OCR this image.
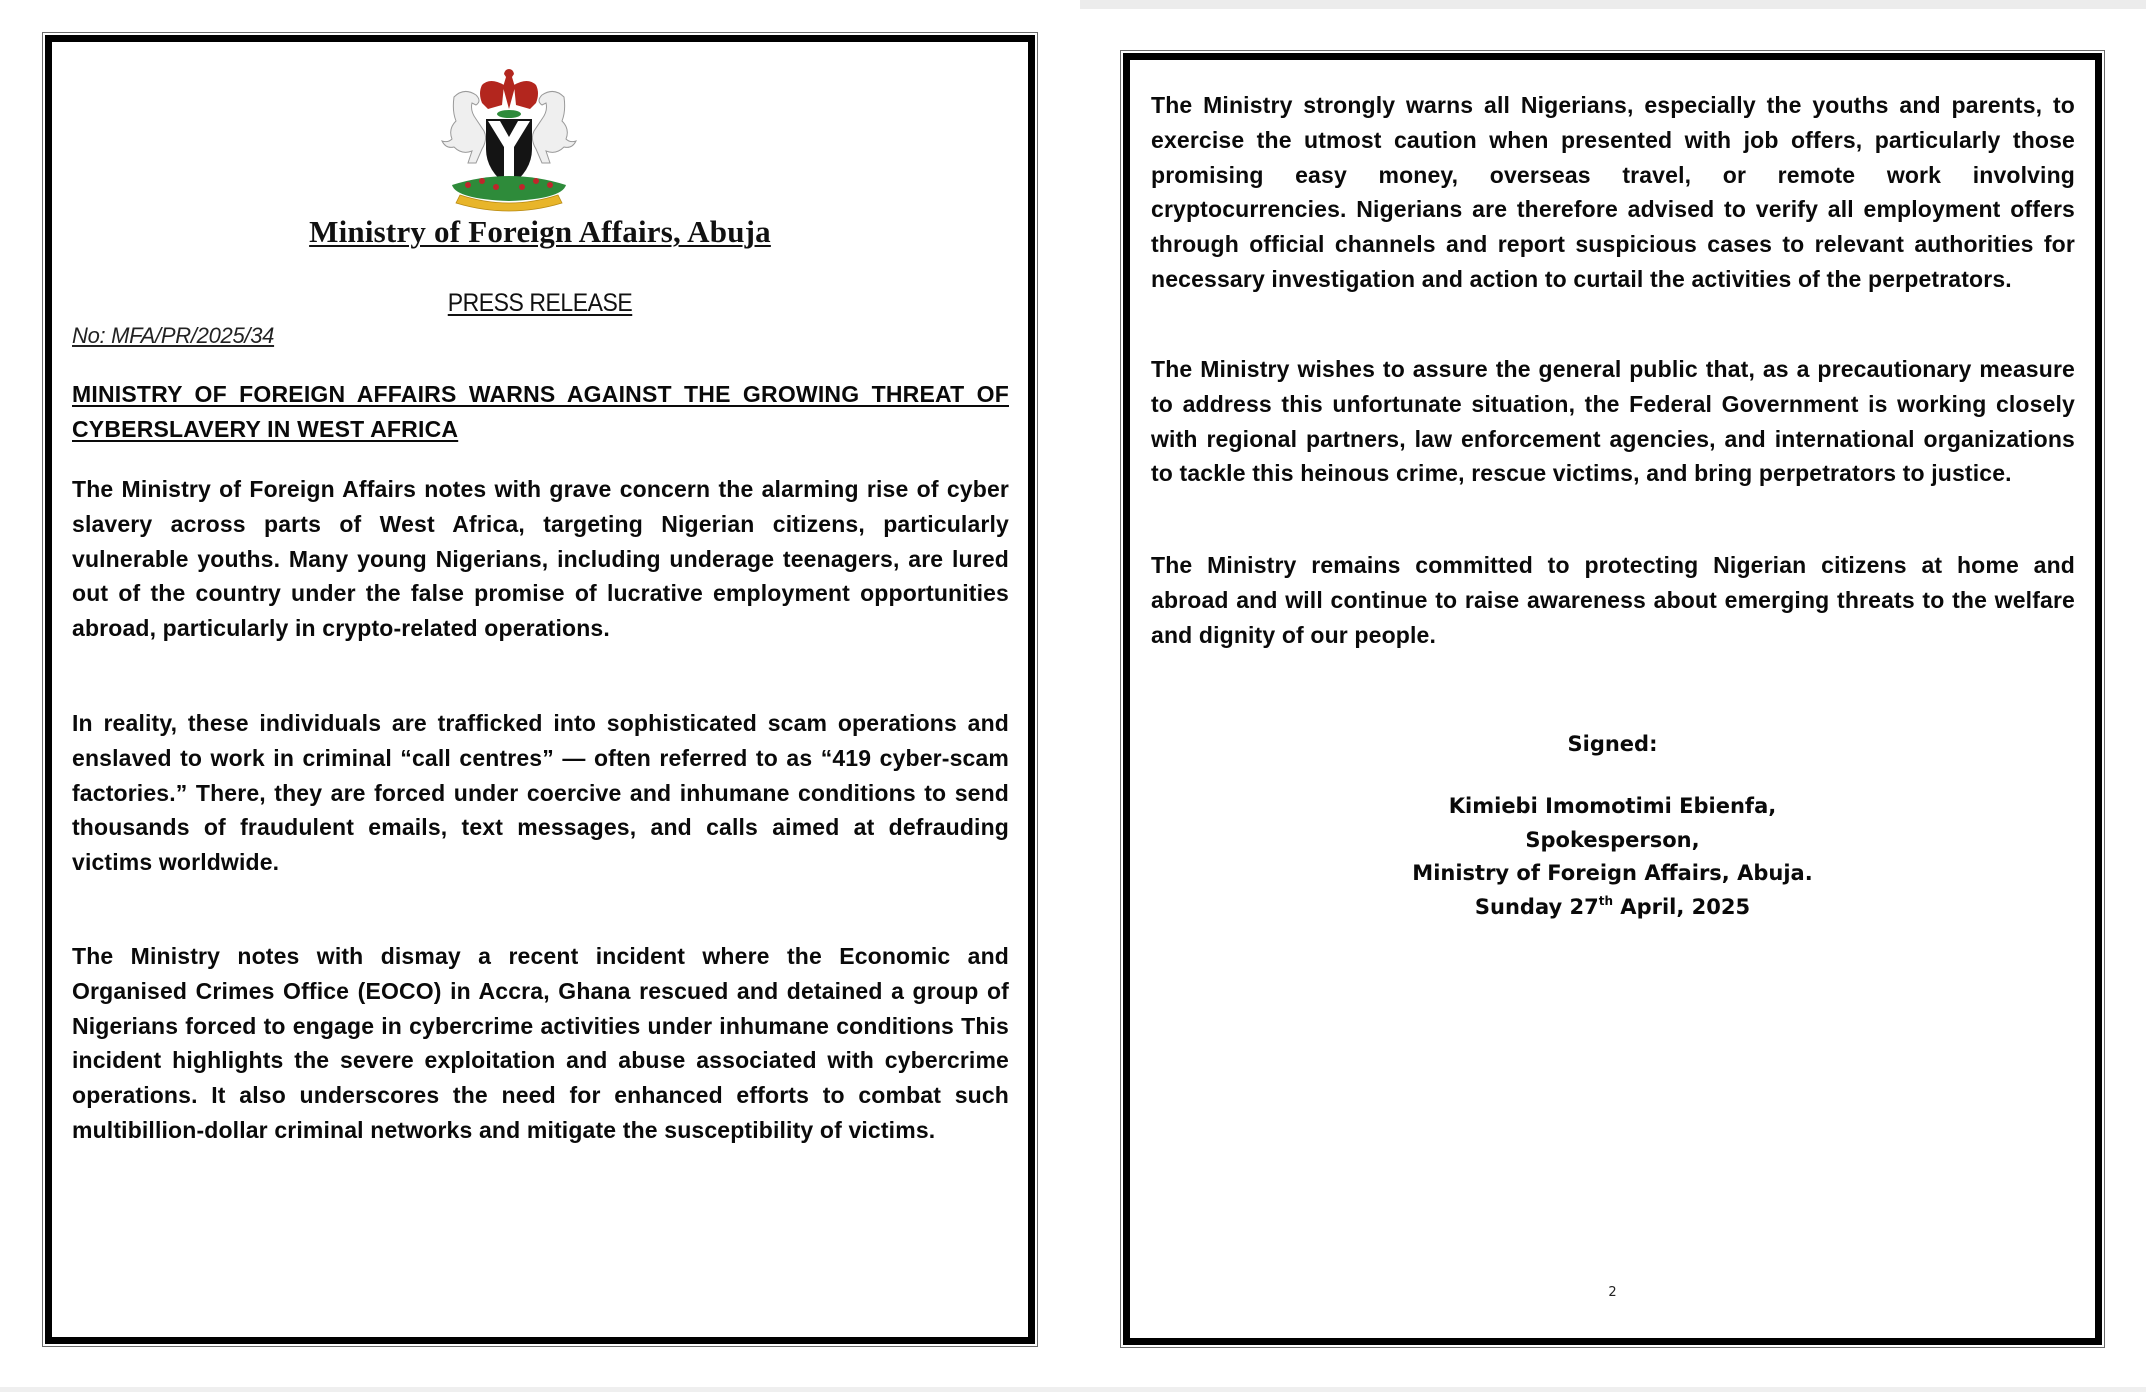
Ministry of Foreign Affairs, Abuja
PRESS RELEASE
No: MFA/PR/2025/34
MINISTRY OF FOREIGN AFFAIRS WARNS AGAINST THE GROWING THREAT OF CYBERSLAVERY IN WEST AFRICA

The Ministry of Foreign Affairs notes with grave concern the alarming rise of cyber slavery across parts of West Africa, targeting Nigerian citizens, particularly vulnerable youths. Many young Nigerians, including underage teenagers, are lured out of the country under the false promise of lucrative employment opportunities abroad, particularly in crypto-related operations.

In reality, these individuals are trafficked into sophisticated scam operations and enslaved to work in criminal “call centres” — often referred to as “419 cyber-scam factories.” There, they are forced under coercive and inhumane conditions to send thousands of fraudulent emails, text messages, and calls aimed at defrauding victims worldwide.

The Ministry notes with dismay a recent incident where the Economic and Organised Crimes Office (EOCO) in Accra, Ghana rescued and detained a group of Nigerians forced to engage in cybercrime activities under inhumane conditions This incident highlights the severe exploitation and abuse associated with cybercrime operations. It also underscores the need for enhanced efforts to combat such multibillion-dollar criminal networks and mitigate the susceptibility of victims.

The Ministry strongly warns all Nigerians, especially the youths and parents, to exercise the utmost caution when presented with job offers, particularly those promising easy money, overseas travel, or remote work involving cryptocurrencies. Nigerians are therefore advised to verify all employment offers through official channels and report suspicious cases to relevant authorities for necessary investigation and action to curtail the activities of the perpetrators.

The Ministry wishes to assure the general public that, as a precautionary measure to address this unfortunate situation, the Federal Government is working closely with regional partners, law enforcement agencies, and international organizations to tackle this heinous crime, rescue victims, and bring perpetrators to justice.

The Ministry remains committed to protecting Nigerian citizens at home and abroad and will continue to raise awareness about emerging threats to the welfare and dignity of our people.

Signed:
Kimiebi Imomotimi Ebienfa,
Spokesperson,
Ministry of Foreign Affairs, Abuja.
Sunday 27th April, 2025
2
